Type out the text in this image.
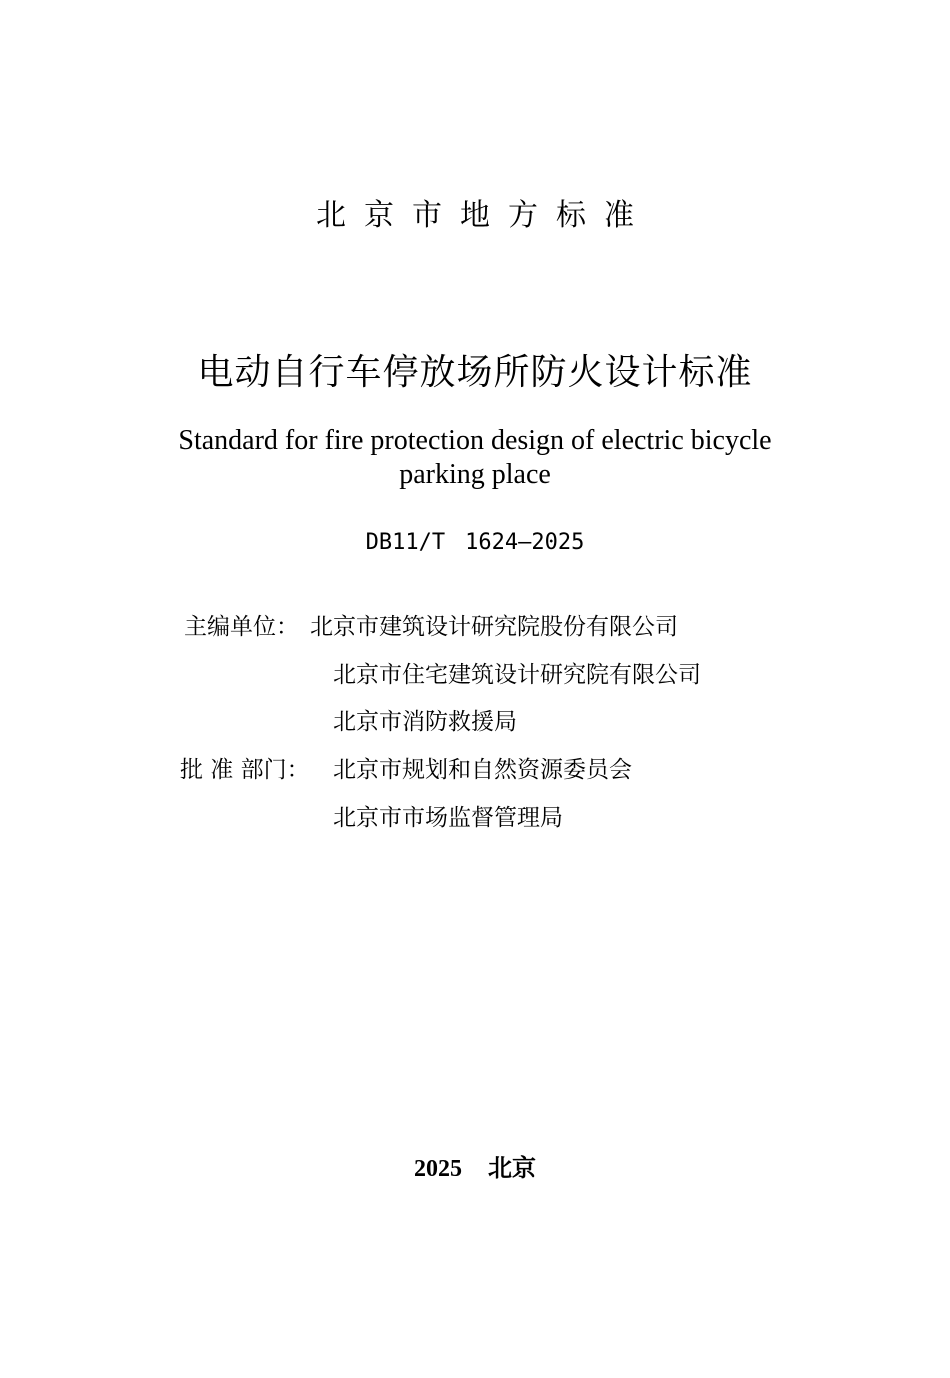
北京市地方标准
电动自行车停放场所防火设计标准
Standard for fire protection design of electric bicycle
parking place
DB11/T 1624—2025
主编单位： 北京市建筑设计研究院股份有限公司
北京市住宅建筑设计研究院有限公司
北京市消防救援局
批 准 部门： 北京市规划和自然资源委员会
北京市市场监督管理局
2025 北京
